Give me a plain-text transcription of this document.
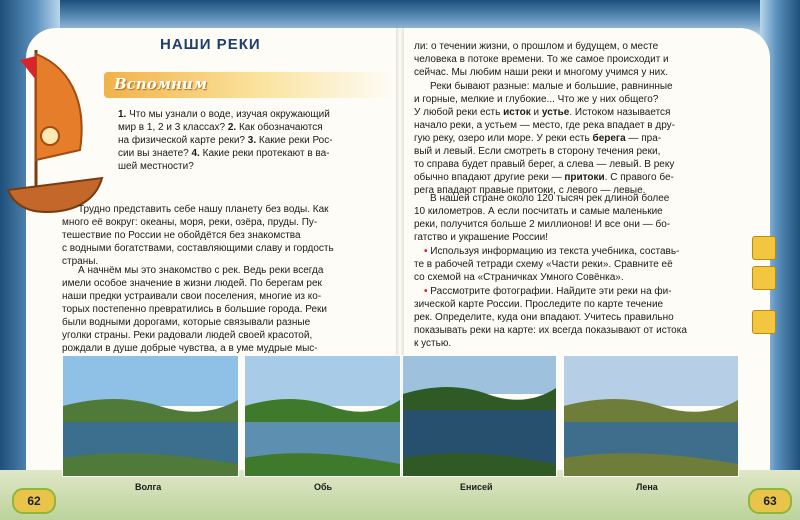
НАШИ РЕКИ
Вспомним
1. Что мы узнали о воде, изучая окружающий
мир в 1, 2 и 3 классах? 2. Как обозначаются
на физической карте реки? 3. Какие реки Рос-
сии вы знаете? 4. Какие реки протекают в ва-
шей местности?
Трудно представить себе нашу планету без воды. Как
много её вокруг: океаны, моря, реки, озёра, пруды. Пу-
тешествие по России не обойдётся без знакомства
с водными богатствами, составляющими славу и гордость
страны.
А начнём мы это знакомство с рек. Ведь реки всегда
имели особое значение в жизни людей. По берегам рек
наши предки устраивали свои поселения, многие из ко-
торых постепенно превратились в большие города. Реки
были водными дорогами, которые связывали разные
уголки страны. Реки радовали людей своей красотой,
рождали в душе добрые чувства, а в уме мудрые мыс-
ли: о течении жизни, о прошлом и будущем, о месте
человека в потоке времени. То же самое происходит и
сейчас. Мы любим наши реки и многому учимся у них.
Реки бывают разные: малые и большие, равнинные
и горные, мелкие и глубокие... Что же у них общего?
У любой реки есть исток и устье. Истоком называется
начало реки, а устьем — место, где река впадает в дру-
гую реку, озеро или море. У реки есть берега — пра-
вый и левый. Если смотреть в сторону течения реки,
то справа будет правый берег, а слева — левый. В реку
обычно впадают другие реки — притоки. С правого бе-
рега впадают правые притоки, с левого — левые.
В нашей стране около 120 тысяч рек длиной более
10 километров. А если посчитать и самые маленькие
реки, получится больше 2 миллионов! И все они — бо-
гатство и украшение России!
• Используя информацию из текста учебника, составь-
те в рабочей тетради схему «Части реки». Сравните её
со схемой на «Страничках Умного Совёнка».
• Рассмотрите фотографии. Найдите эти реки на фи-
зической карте России. Проследите по карте течение
рек. Определите, куда они впадают. Учитесь правильно
показывать реки на карте: их всегда показывают от истока
к устью.
Волга	Обь	Енисей	Лена
62	63
